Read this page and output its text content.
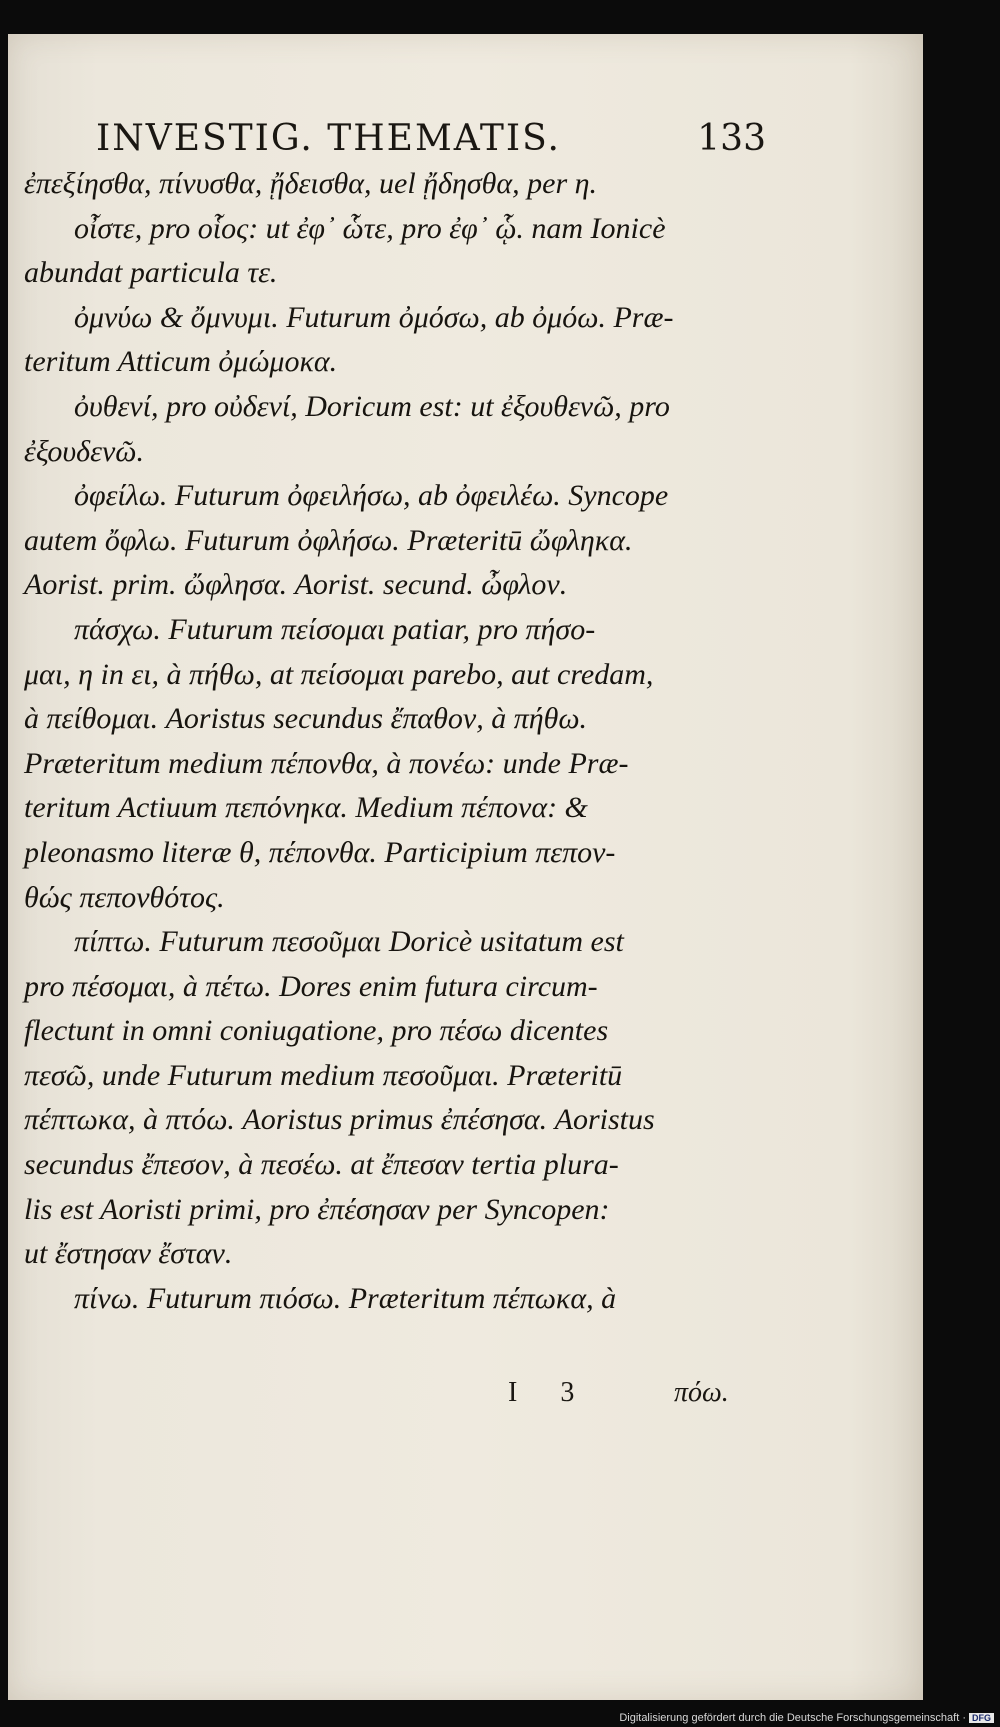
INVESTIG. THEMATIS.	133
ἐπεξίησθα, πίνυσθα, ᾔδεισθα, uel ᾔδησθα, per η.
οἶστε, pro οἷος: ut ἐφ᾽ ὧτε, pro ἐφ᾽ ᾧ. nam Ionicè
abundat particula τε.
ὀμνύω & ὄμνυμι. Futurum ὀμόσω, ab ὀμόω. Præ-
teritum Atticum ὀμώμοκα.
ὀυθενί, pro οὐδενί, Doricum est: ut ἐξουθενῶ, pro
ἐξουδενῶ.
ὀφείλω. Futurum ὀφειλήσω, ab ὀφειλέω. Syncope
autem ὄφλω. Futurum ὀφλήσω. Præteritū ὤφληκα.
Aorist. prim. ὤφλησα. Aorist. secund. ὦφλον.
πάσχω. Futurum πείσομαι patiar, pro πήσο-
μαι, η in ει, à πήθω, at πείσομαι parebo, aut credam,
à πείθομαι. Aoristus secundus ἔπαθον, à πήθω.
Præteritum medium πέπονθα, à πονέω: unde Præ-
teritum Actiuum πεπόνηκα. Medium πέπονα: &
pleonasmo literæ θ, πέπονθα. Participium πεπον-
θώς πεπονθότος.
πίπτω. Futurum πεσοῦμαι Doricè usitatum est
pro πέσομαι, à πέτω. Dores enim futura circum-
flectunt in omni coniugatione, pro πέσω dicentes
πεσῶ, unde Futurum medium πεσοῦμαι. Præteritū
πέπτωκα, à πτόω. Aoristus primus ἐπέσησα. Aoristus
secundus ἔπεσον, à πεσέω. at ἔπεσαν tertia plura-
lis est Aoristi primi, pro ἐπέσησαν per Syncopen:
ut ἔστησαν ἔσταν.
πίνω. Futurum πιόσω. Præteritum πέπωκα, à
I 3	πόω.
Digitalisierung gefördert durch die Deutsche Forschungsgemeinschaft · DFG
